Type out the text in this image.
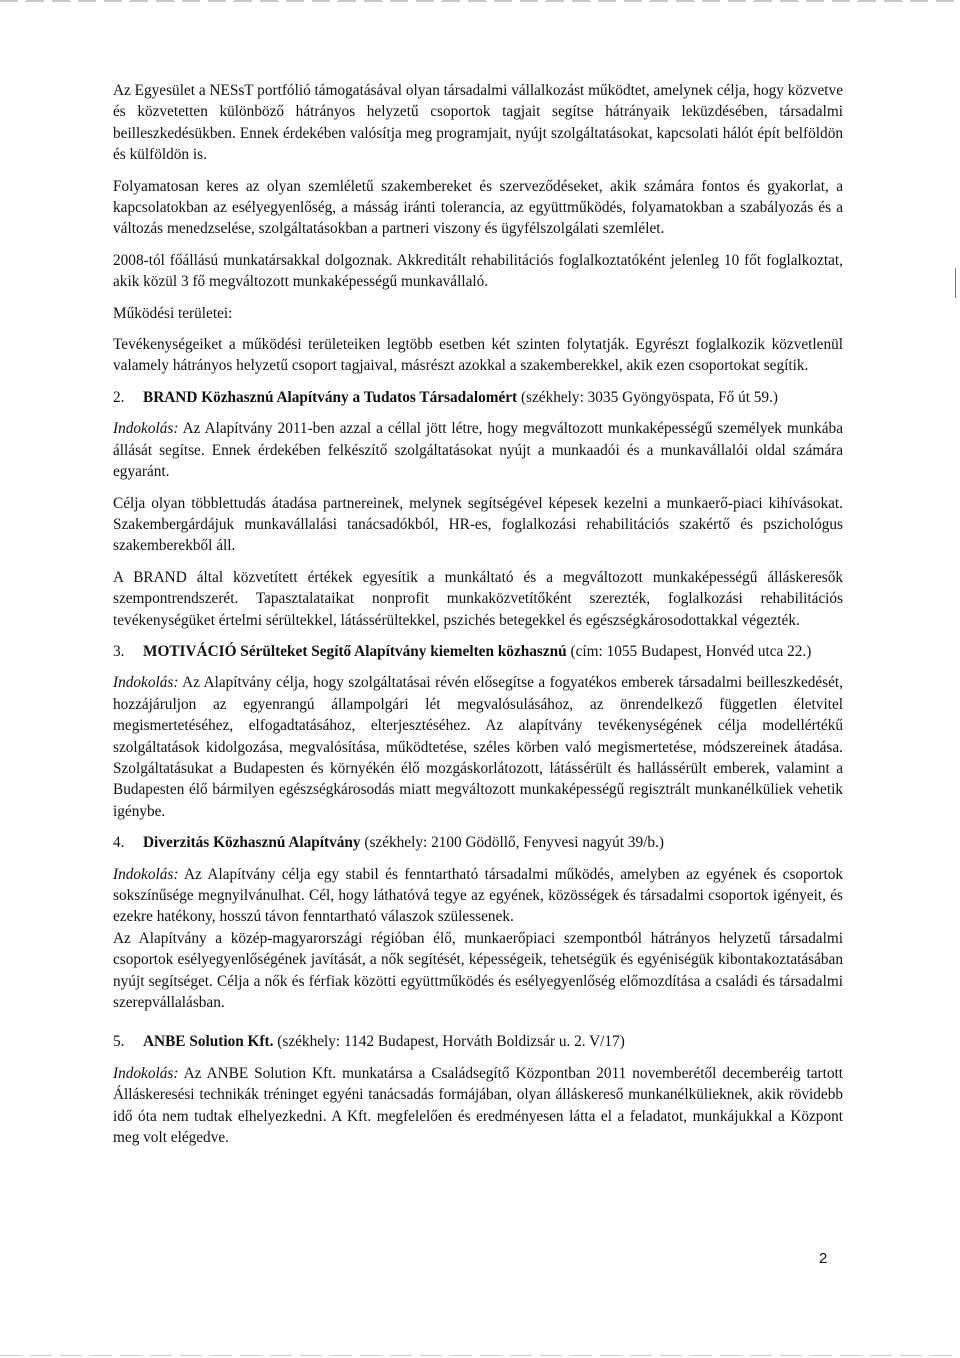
Az Egyesület a NESsT portfólió támogatásával olyan társadalmi vállalkozást működtet, amelynek célja, hogy közvetve és közvetetten különböző hátrányos helyzetű csoportok tagjait segítse hátrányaik leküzdésében, társadalmi beilleszkedésükben. Ennek érdekében valósítja meg programjait, nyújt szolgáltatásokat, kapcsolati hálót épít belföldön és külföldön is.

Folyamatosan keres az olyan szemléletű szakembereket és szerveződéseket, akik számára fontos és gyakorlat, a kapcsolatokban az esélyegyenlőség, a másság iránti tolerancia, az együttműködés, folyamatokban a szabályozás és a változás menedzselése, szolgáltatásokban a partneri viszony és ügyfélszolgálati szemlélet.

2008-tól főállású munkatársakkal dolgoznak. Akkreditált rehabilitációs foglalkoztatóként jelenleg 10 főt foglalkoztat, akik közül 3 fő megváltozott munkaképességű munkavállaló.

Működési területei:

Tevékenységeiket a működési területeiken legtöbb esetben két szinten folytatják. Egyrészt foglalkozik közvetlenül valamely hátrányos helyzetű csoport tagjaival, másrészt azokkal a szakemberekkel, akik ezen csoportokat segítik.

2.	BRAND Közhasznú Alapítvány a Tudatos Társadalomért (székhely: 3035 Gyöngyöspata, Fő út 59.)

Indokolás: Az Alapítvány 2011-ben azzal a céllal jött létre, hogy megváltozott munkaképességű személyek munkába állását segítse. Ennek érdekében felkészítő szolgáltatásokat nyújt a munkaadói és a munkavállalói oldal számára egyaránt.

Célja olyan többlettudás átadása partnereinek, melynek segítségével képesek kezelni a munkaerő-piaci kihívásokat. Szakembergárdájuk munkavállalási tanácsadókból, HR-es, foglalkozási rehabilitációs szakértő és pszichológus szakemberekből áll.

A BRAND által közvetített értékek egyesítik a munkáltató és a megváltozott munkaképességű álláskeresők szempontrendszerét. Tapasztalataikat nonprofit munkaközvetítőként szerezték, foglalkozási rehabilitációs tevékenységüket értelmi sérültekkel, látássérültekkel, pszichés betegekkel és egészségkárosodottakkal végezték.

3.	MOTIVÁCIÓ Sérülteket Segítő Alapítvány kiemelten közhasznú (cím: 1055 Budapest, Honvéd utca 22.)

Indokolás: Az Alapítvány célja, hogy szolgáltatásai révén elősegítse a fogyatékos emberek társadalmi beilleszkedését, hozzájáruljon az egyenrangú állampolgári lét megvalósulásához, az önrendelkező független életvitel megismertetéséhez, elfogadtatásához, elterjesztéséhez. Az alapítvány tevékenységének célja modellértékű szolgáltatások kidolgozása, megvalósítása, működtetése, széles körben való megismertetése, módszereinek átadása. Szolgáltatásukat a Budapesten és környékén élő mozgáskorlátozott, látássérült és hallássérült emberek, valamint a Budapesten élő bármilyen egészségkárosodás miatt megváltozott munkaképességű regisztrált munkanélküliek vehetik igénybe.

4.	Diverzitás Közhasznú Alapítvány (székhely: 2100 Gödöllő, Fenyvesi nagyút 39/b.)

Indokolás: Az Alapítvány célja egy stabil és fenntartható társadalmi működés, amelyben az egyének és csoportok sokszínűsége megnyilvánulhat. Cél, hogy láthatóvá tegye az egyének, közösségek és társadalmi csoportok igényeit, és ezekre hatékony, hosszú távon fenntartható válaszok szülessenek.

Az Alapítvány a közép-magyarországi régióban élő, munkaerőpiaci szempontból hátrányos helyzetű társadalmi csoportok esélyegyenlőségének javítását, a nők segítését, képességeik, tehetségük és egyéniségük kibontakoztatásában nyújt segítséget. Célja a nők és férfiak közötti együttműködés és esélyegyenlőség előmozdítása a családi és társadalmi szerepvállalásban.

5.	ANBE Solution Kft. (székhely: 1142 Budapest, Horváth Boldizsár u. 2. V/17)

Indokolás: Az ANBE Solution Kft. munkatársa a Családsegítő Központban 2011 novemberétől decemberéig tartott Álláskeresési technikák tréninget egyéni tanácsadás formájában, olyan álláskereső munkanélkülieknek, akik rövidebb idő óta nem tudtak elhelyezkedni. A Kft. megfelelően és eredményesen látta el a feladatot, munkájukkal a Központ meg volt elégedve.

2
